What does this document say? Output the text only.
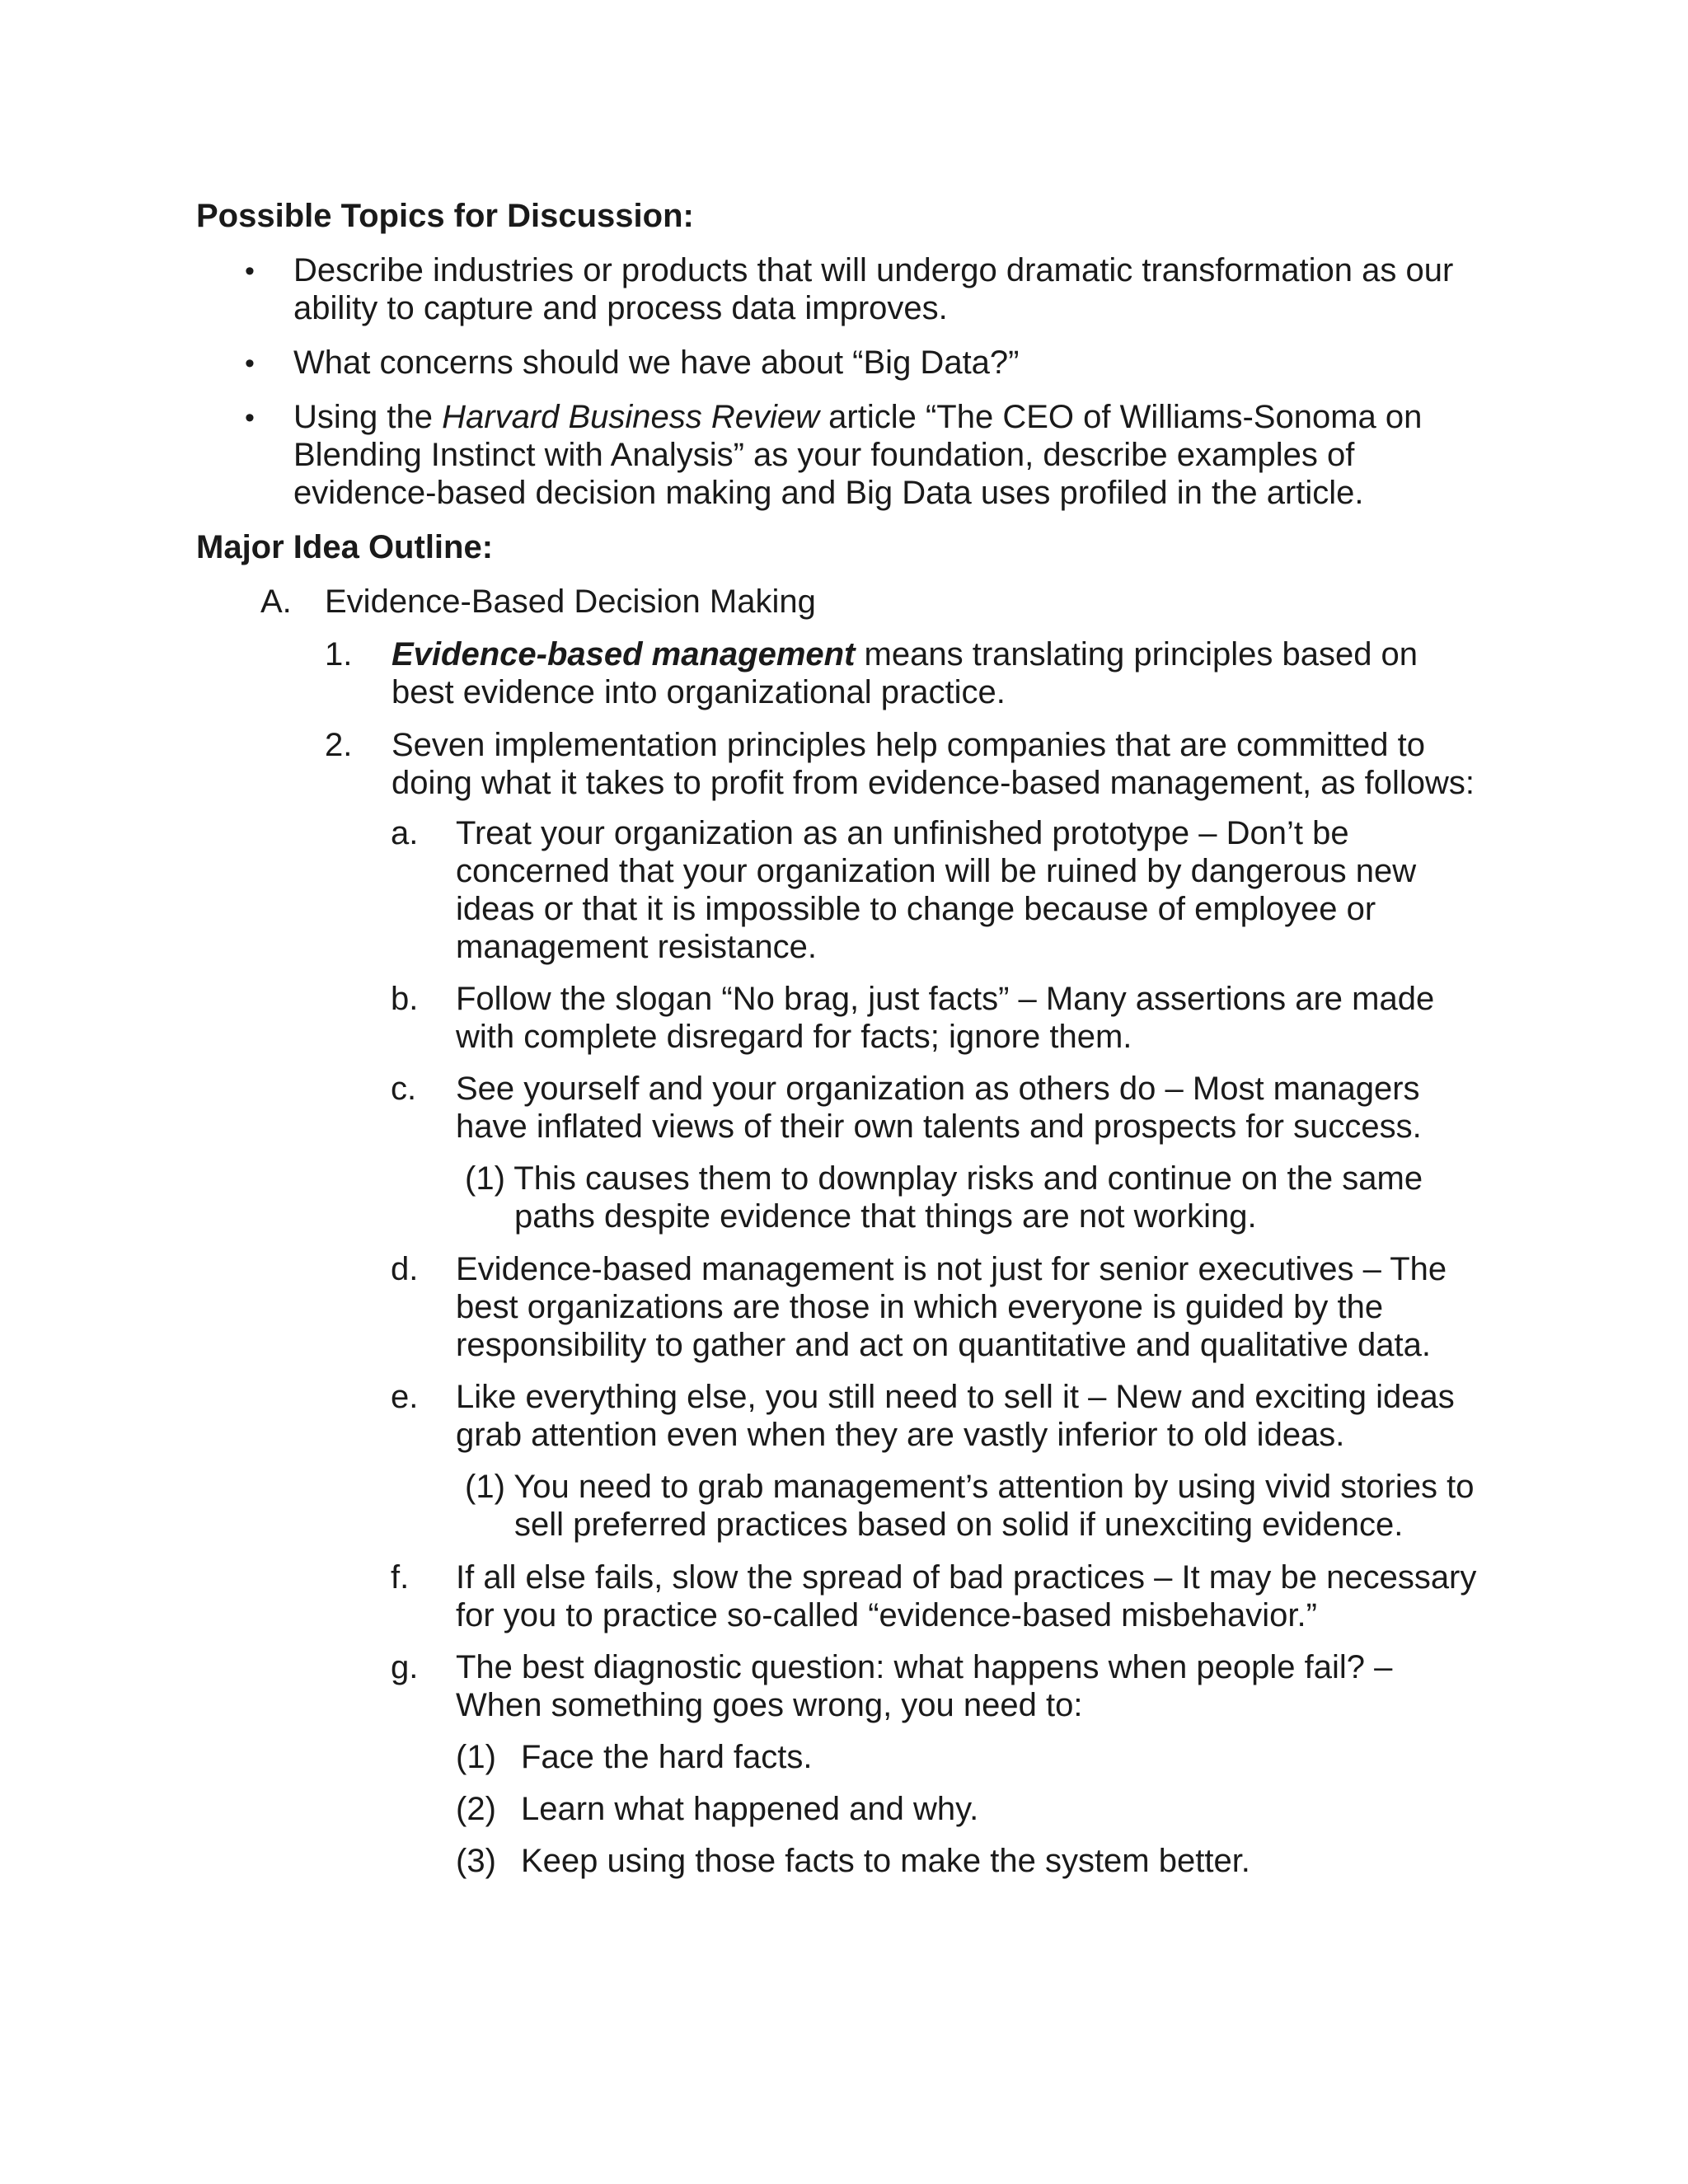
Possible Topics for Discussion:

• Describe industries or products that will undergo dramatic transformation as our

ability to capture and process data improves.

• What concerns should we have about “Big Data?”

• Using the Harvard Business Review article “The CEO of Williams-Sonoma on

Blending Instinct with Analysis” as your foundation, describe examples of

evidence-based decision making and Big Data uses profiled in the article.

Major Idea Outline:

A. Evidence-Based Decision Making

1. Evidence-based management means translating principles based on

best evidence into organizational practice.

2. Seven implementation principles help companies that are committed to

doing what it takes to profit from evidence-based management, as follows:

a. Treat your organization as an unfinished prototype – Don’t be

concerned that your organization will be ruined by dangerous new

ideas or that it is impossible to change because of employee or

management resistance.

b. Follow the slogan “No brag, just facts” – Many assertions are made

with complete disregard for facts; ignore them.

c. See yourself and your organization as others do – Most managers

have inflated views of their own talents and prospects for success.

(1) This causes them to downplay risks and continue on the same

paths despite evidence that things are not working.

d. Evidence-based management is not just for senior executives – The

best organizations are those in which everyone is guided by the

responsibility to gather and act on quantitative and qualitative data.

e. Like everything else, you still need to sell it – New and exciting ideas

grab attention even when they are vastly inferior to old ideas.

(1) You need to grab management’s attention by using vivid stories to

sell preferred practices based on solid if unexciting evidence.

f. If all else fails, slow the spread of bad practices – It may be necessary

for you to practice so-called “evidence-based misbehavior.”

g. The best diagnostic question: what happens when people fail? –

When something goes wrong, you need to:

(1) Face the hard facts.

(2) Learn what happened and why.

(3) Keep using those facts to make the system better.
